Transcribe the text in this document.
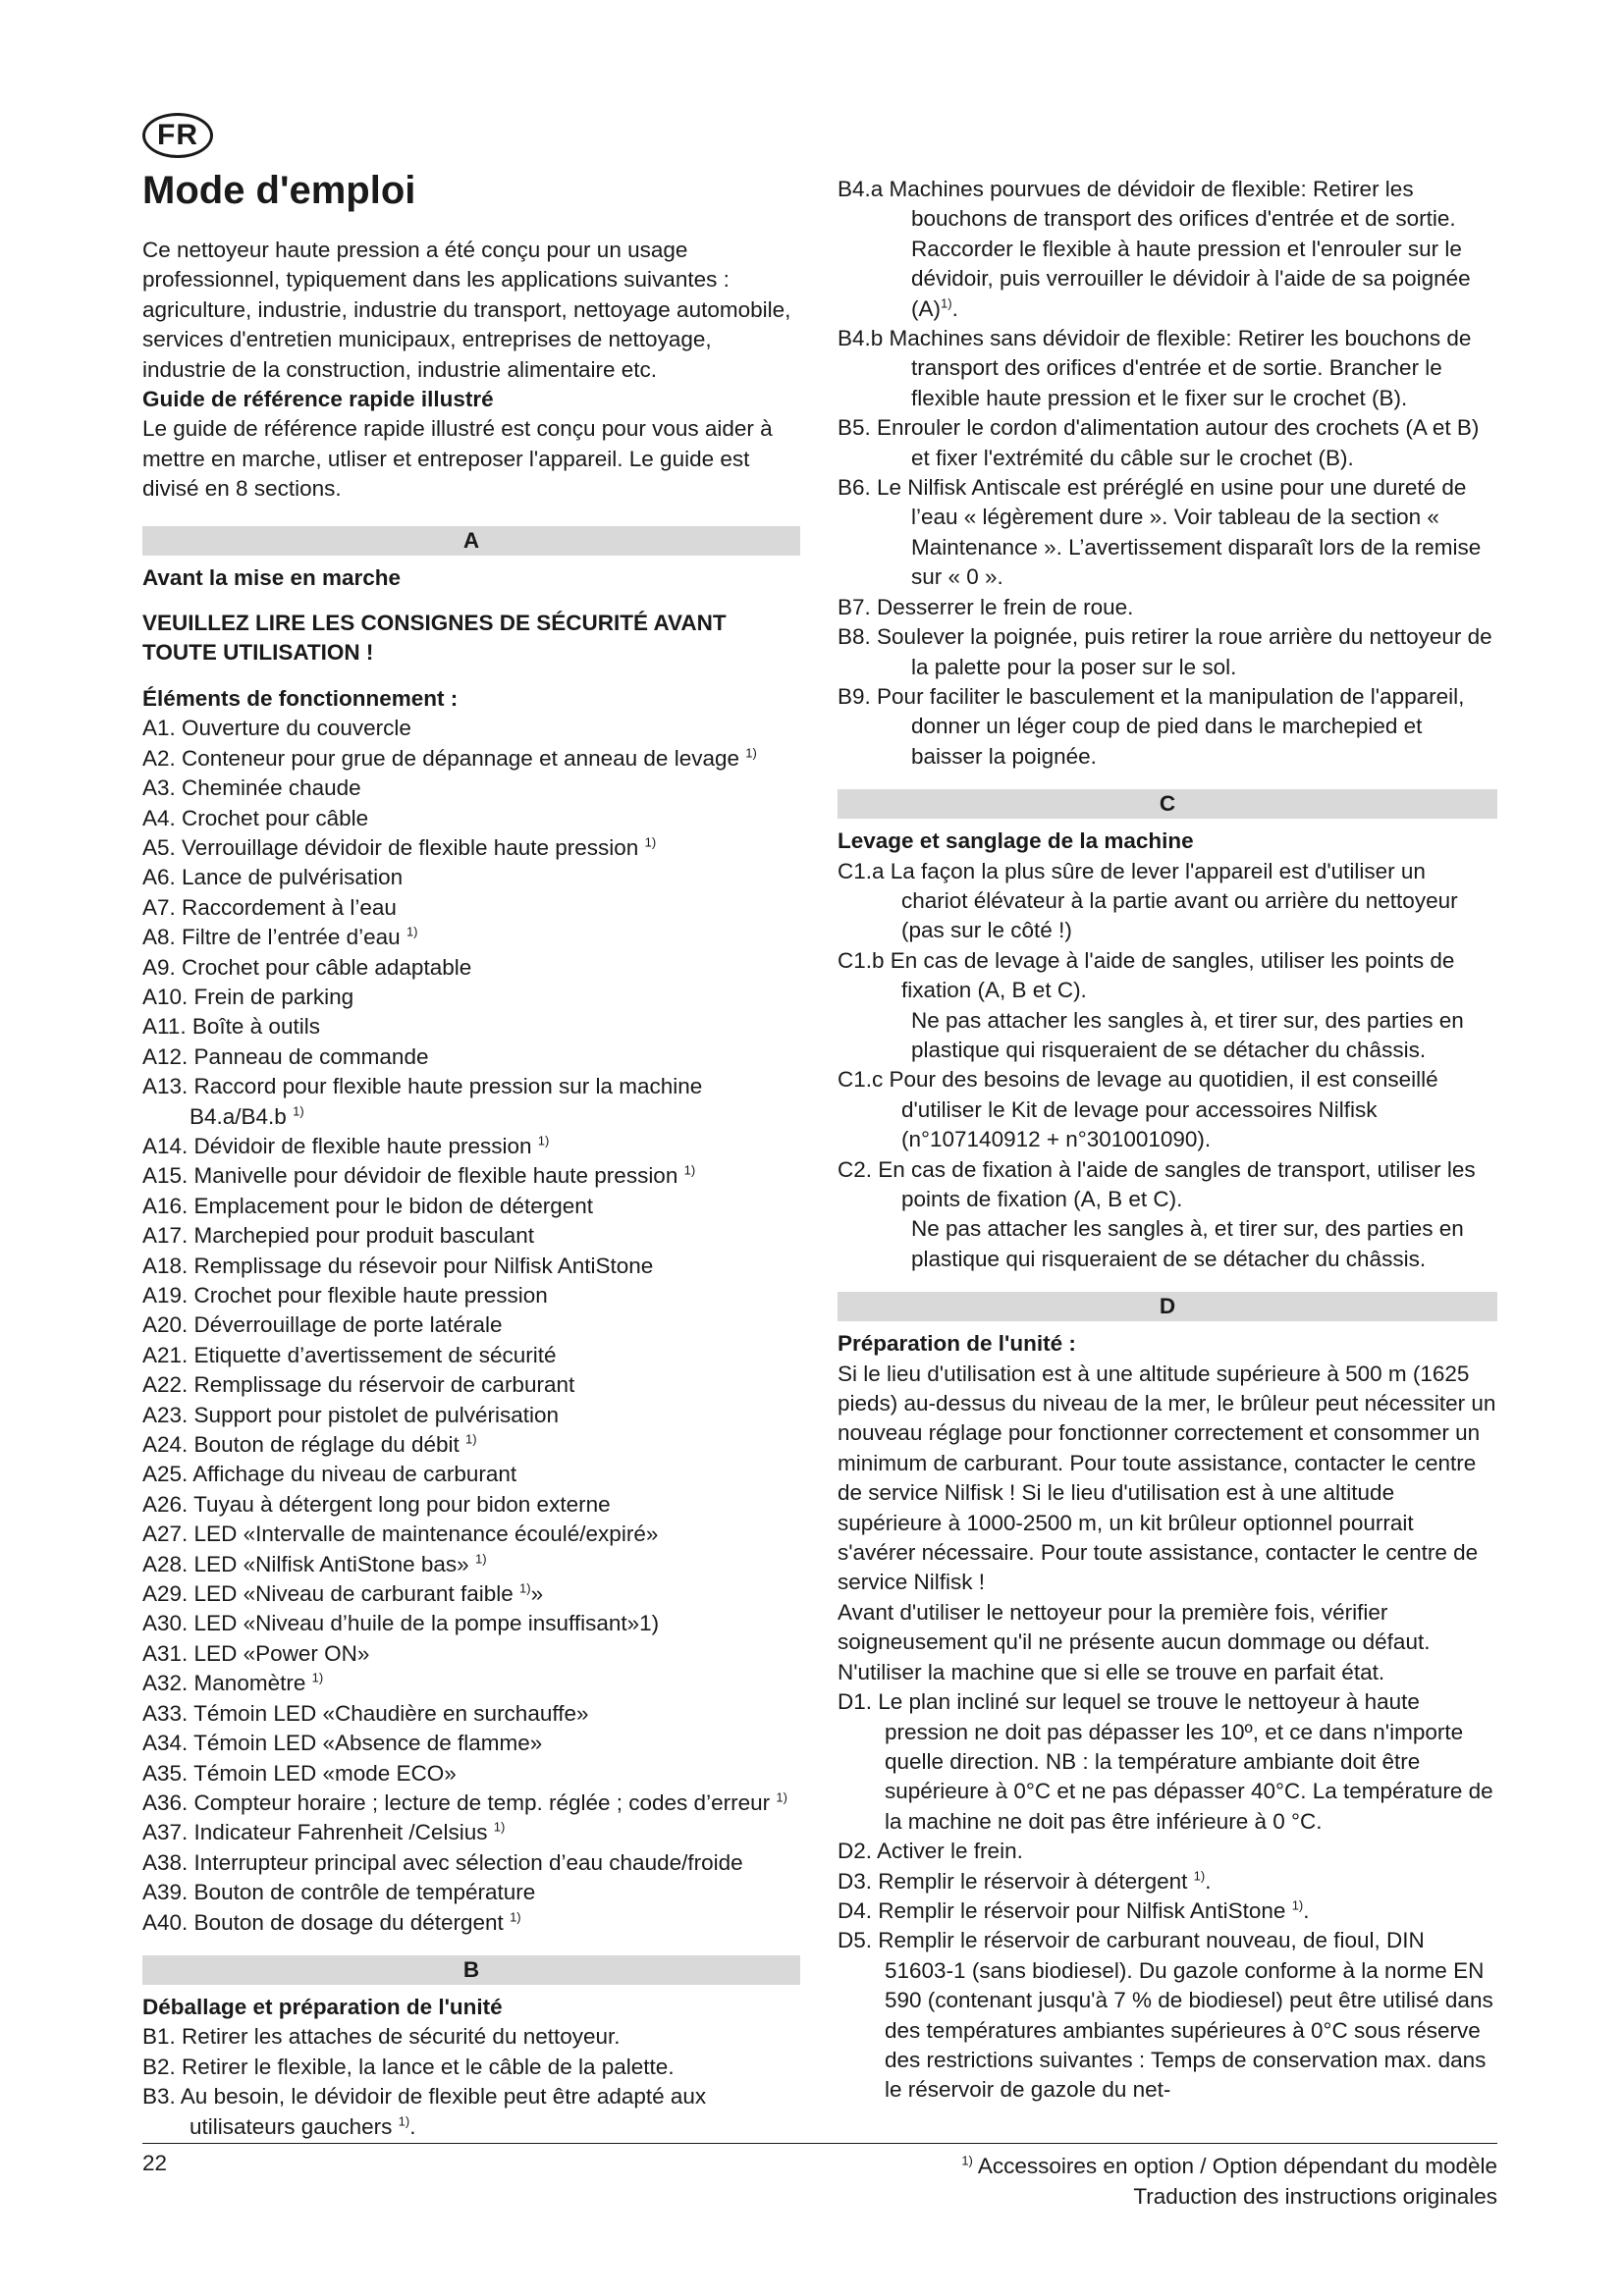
FR
Mode d'emploi

Ce nettoyeur haute pression a été conçu pour un usage professionnel, typiquement dans les applications suivantes : agriculture, industrie, industrie du transport, nettoyage automobile, services d'entretien municipaux, entreprises de nettoyage, industrie de la construction, industrie alimentaire etc.

Guide de référence rapide illustré

Le guide de référence rapide illustré est conçu pour vous aider à mettre en marche, utliser et entreposer l'appareil. Le guide est divisé en 8 sections.

A

Avant la mise en marche

VEUILLEZ LIRE LES CONSIGNES DE SÉCURITÉ AVANT TOUTE UTILISATION !

Éléments de fonctionnement :

A1. Ouverture du couvercle

A2. Conteneur pour grue de dépannage et anneau de levage $^{1)}$

A3. Cheminée chaude

A4. Crochet pour câble

A5. Verrouillage dévidoir de flexible haute pression $^{1)}$

A6. Lance de pulvérisation

A7. Raccordement à l’eau

A8. Filtre de l’entrée d’eau $^{1)}$

A9. Crochet pour câble adaptable

A10. Frein de parking

A11. Boîte à outils

A12. Panneau de commande

A13. Raccord pour flexible haute pression sur la machine B4.a/B4.b $^{1)}$

A14. Dévidoir de flexible haute pression $^{1)}$

A15. Manivelle pour dévidoir de flexible haute pression $^{1)}$

A16. Emplacement pour le bidon de détergent

A17. Marchepied pour produit basculant

A18. Remplissage du résevoir pour Nilfisk AntiStone

A19. Crochet pour flexible haute pression

A20. Déverrouillage de porte latérale

A21. Etiquette d’avertissement de sécurité

A22. Remplissage du réservoir de carburant

A23. Support pour pistolet de pulvérisation

A24. Bouton de réglage du débit $^{1)}$

A25. Affichage du niveau de carburant

A26. Tuyau à détergent long pour bidon externe

A27. LED «Intervalle de maintenance écoulé/expiré»

A28. LED «Nilfisk AntiStone bas» $^{1)}$

A29. LED «Niveau de carburant faible $^{1)}$»

A30. LED «Niveau d’huile de la pompe insuffisant»1)

A31. LED «Power ON»

A32. Manomètre $^{1)}$

A33. Témoin LED «Chaudière en surchauffe»

A34. Témoin LED «Absence de flamme»

A35. Témoin LED «mode ECO»

A36. Compteur horaire ; lecture de temp. réglée ; codes d’erreur $^{1)}$

A37. Indicateur Fahrenheit /Celsius $^{1)}$

A38. Interrupteur principal avec sélection d’eau chaude/froide

A39. Bouton de contrôle de température

A40. Bouton de dosage du détergent $^{1)}$

B

Déballage et préparation de l'unité

B1. Retirer les attaches de sécurité du nettoyeur.

B2. Retirer le flexible, la lance et le câble de la palette.

B3. Au besoin, le dévidoir de flexible peut être adapté aux utilisateurs gauchers $^{1)}$.

B4.a Machines pourvues de dévidoir de flexible: Retirer les bouchons de transport des orifices d'entrée et de sortie.

Raccorder le flexible à haute pression et l'enrouler sur le dévidoir, puis verrouiller le dévidoir à l'aide de sa poignée $(A)^{1)}$.

B4.b Machines sans dévidoir de flexible: Retirer les bouchons de transport des orifices d'entrée et de sortie. Brancher le flexible haute pression et le fixer sur le crochet (B).

B5. Enrouler le cordon d'alimentation autour des crochets (A et B) et fixer l'extrémité du câble sur le crochet (B).

B6. Le Nilfisk Antiscale est préréglé en usine pour une dureté de l’eau « légèrement dure ». Voir tableau de la section « Maintenance ». L’avertissement disparaît lors de la remise sur « 0 ».

B7. Desserrer le frein de roue.

B8. Soulever la poignée, puis retirer la roue arrière du nettoyeur de la palette pour la poser sur le sol.

B9. Pour faciliter le basculement et la manipulation de l'appareil, donner un léger coup de pied dans le marchepied et baisser la poignée.

C

Levage et sanglage de la machine

C1.a La façon la plus sûre de lever l'appareil est d'utiliser un chariot élévateur à la partie avant ou arrière du nettoyeur (pas sur le côté !)

C1.b En cas de levage à l'aide de sangles, utiliser les points de fixation (A, B et C).

Ne pas attacher les sangles à, et tirer sur, des parties en plastique qui risqueraient de se détacher du châssis.

C1.c Pour des besoins de levage au quotidien, il est conseillé d'utiliser le Kit de levage pour accessoires Nilfisk (n°107140912 + n°301001090).

C2. En cas de fixation à l'aide de sangles de transport, utiliser les points de fixation (A, B et C).

Ne pas attacher les sangles à, et tirer sur, des parties en plastique qui risqueraient de se détacher du châssis.

D

Préparation de l'unité :

Si le lieu d'utilisation est à une altitude supérieure à 500 m (1625 pieds) au-dessus du niveau de la mer, le brûleur peut nécessiter un nouveau réglage pour fonctionner correctement et consommer un minimum de carburant. Pour toute assistance, contacter le centre de service Nilfisk ! Si le lieu d'utilisation est à une altitude supérieure à 1000-2500 m, un kit brûleur optionnel pourrait s'avérer nécessaire. Pour toute assistance, contacter le centre de service Nilfisk !

Avant d'utiliser le nettoyeur pour la première fois, vérifier soigneusement qu'il ne présente aucun dommage ou défaut. N'utiliser la machine que si elle se trouve en parfait état.

D1. Le plan incliné sur lequel se trouve le nettoyeur à haute pression ne doit pas dépasser les 10º, et ce dans n'importe quelle direction. NB : la température ambiante doit être supérieure à 0°C et ne pas dépasser 40°C. La température de la machine ne doit pas être inférieure à 0 °C.

D2. Activer le frein.

D3. Remplir le réservoir à détergent $^{1)}$.

D4. Remplir le réservoir pour Nilfisk AntiStone $^{1)}$.

D5. Remplir le réservoir de carburant nouveau, de fioul, DIN 51603-1 (sans biodiesel). Du gazole conforme à la norme EN 590 (contenant jusqu'à 7 % de biodiesel) peut être utilisé dans des températures ambiantes supérieures à 0°C sous réserve des restrictions suivantes : Temps de conservation max. dans le réservoir de gazole du net-

22	$^{1)}$ Accessoires en option / Option dépendant du modèle
Traduction des instructions originales
